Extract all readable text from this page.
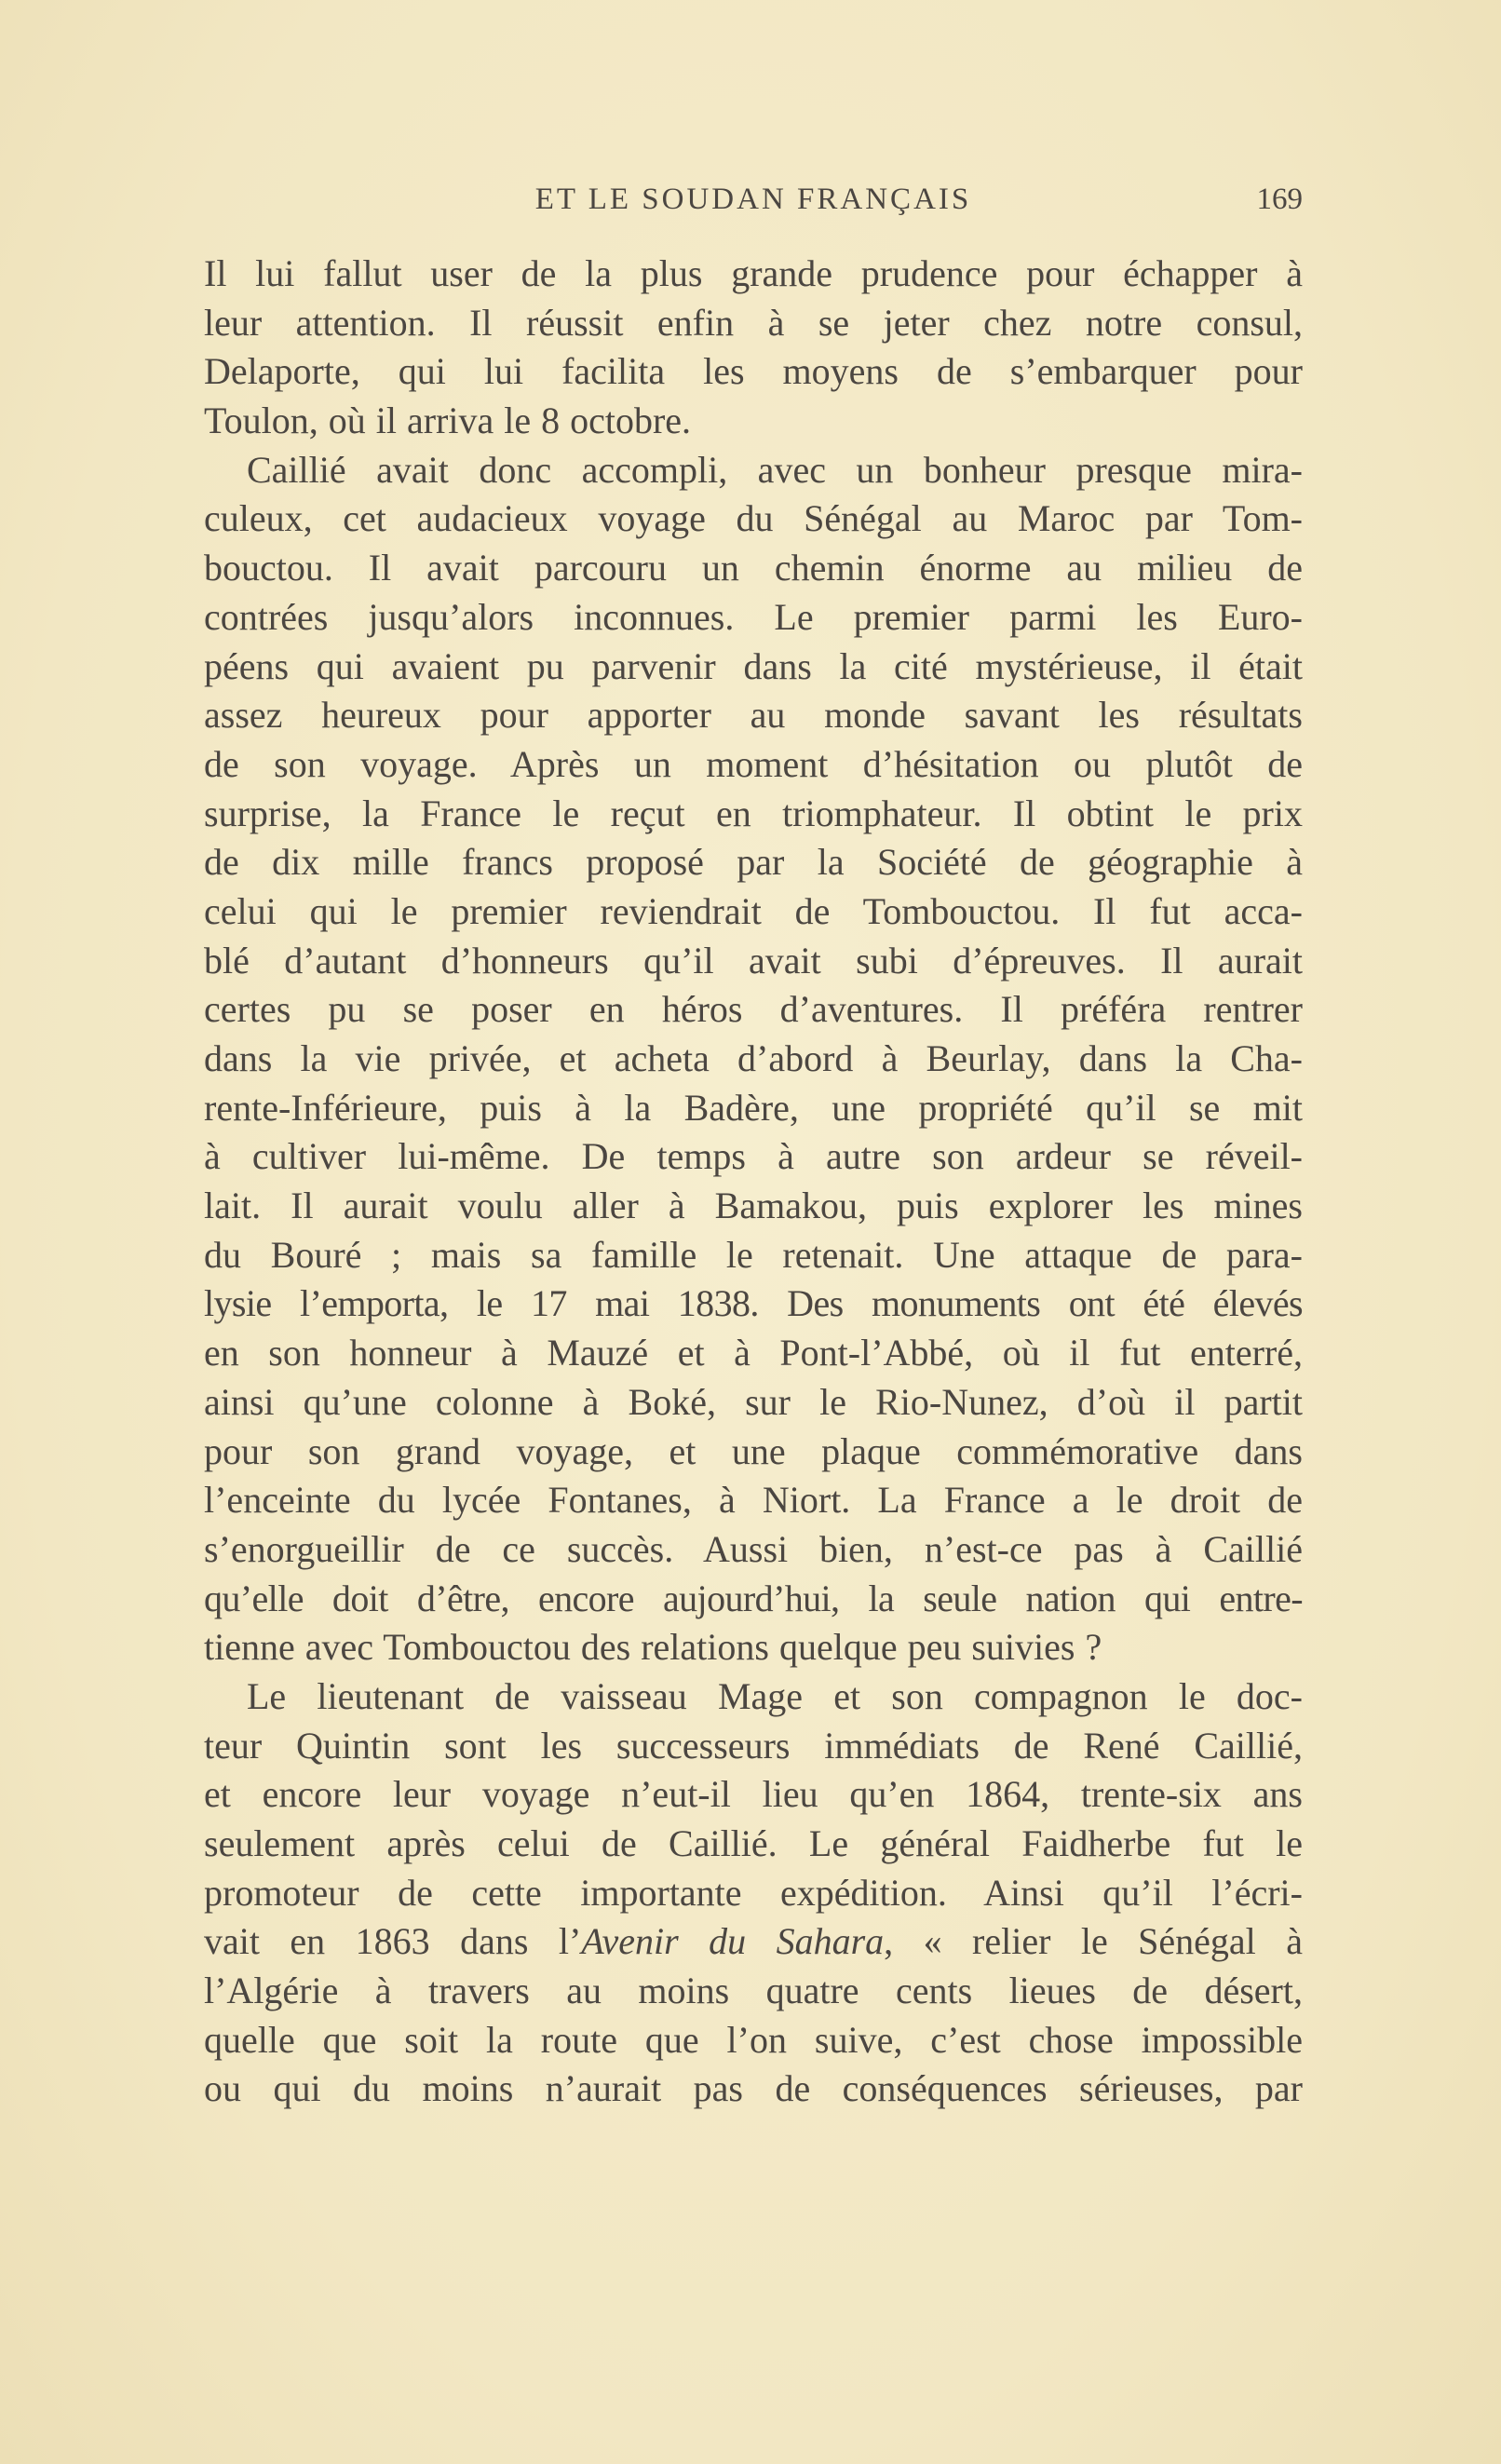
ET LE SOUDAN FRANÇAIS	169
Il lui fallut user de la plus grande prudence pour échapper à
leur attention. Il réussit enfin à se jeter chez notre consul,
Delaporte, qui lui facilita les moyens de s’embarquer pour
Toulon, où il arriva le 8 octobre.
Caillié avait donc accompli, avec un bonheur presque mira-
culeux, cet audacieux voyage du Sénégal au Maroc par Tom-
bouctou. Il avait parcouru un chemin énorme au milieu de
contrées jusqu’alors inconnues. Le premier parmi les Euro-
péens qui avaient pu parvenir dans la cité mystérieuse, il était
assez heureux pour apporter au monde savant les résultats
de son voyage. Après un moment d’hésitation ou plutôt de
surprise, la France le reçut en triomphateur. Il obtint le prix
de dix mille francs proposé par la Société de géographie à
celui qui le premier reviendrait de Tombouctou. Il fut acca-
blé d’autant d’honneurs qu’il avait subi d’épreuves. Il aurait
certes pu se poser en héros d’aventures. Il préféra rentrer
dans la vie privée, et acheta d’abord à Beurlay, dans la Cha-
rente-Inférieure, puis à la Badère, une propriété qu’il se mit
à cultiver lui-même. De temps à autre son ardeur se réveil-
lait. Il aurait voulu aller à Bamakou, puis explorer les mines
du Bouré ; mais sa famille le retenait. Une attaque de para-
lysie l’emporta, le 17 mai 1838. Des monuments ont été élevés
en son honneur à Mauzé et à Pont-l’Abbé, où il fut enterré,
ainsi qu’une colonne à Boké, sur le Rio-Nunez, d’où il partit
pour son grand voyage, et une plaque commémorative dans
l’enceinte du lycée Fontanes, à Niort. La France a le droit de
s’enorgueillir de ce succès. Aussi bien, n’est-ce pas à Caillié
qu’elle doit d’être, encore aujourd’hui, la seule nation qui entre-
tienne avec Tombouctou des relations quelque peu suivies ?
Le lieutenant de vaisseau Mage et son compagnon le doc-
teur Quintin sont les successeurs immédiats de René Caillié,
et encore leur voyage n’eut-il lieu qu’en 1864, trente-six ans
seulement après celui de Caillié. Le général Faidherbe fut le
promoteur de cette importante expédition. Ainsi qu’il l’écri-
vait en 1863 dans l’Avenir du Sahara, « relier le Sénégal à
l’Algérie à travers au moins quatre cents lieues de désert,
quelle que soit la route que l’on suive, c’est chose impossible
ou qui du moins n’aurait pas de conséquences sérieuses, par
